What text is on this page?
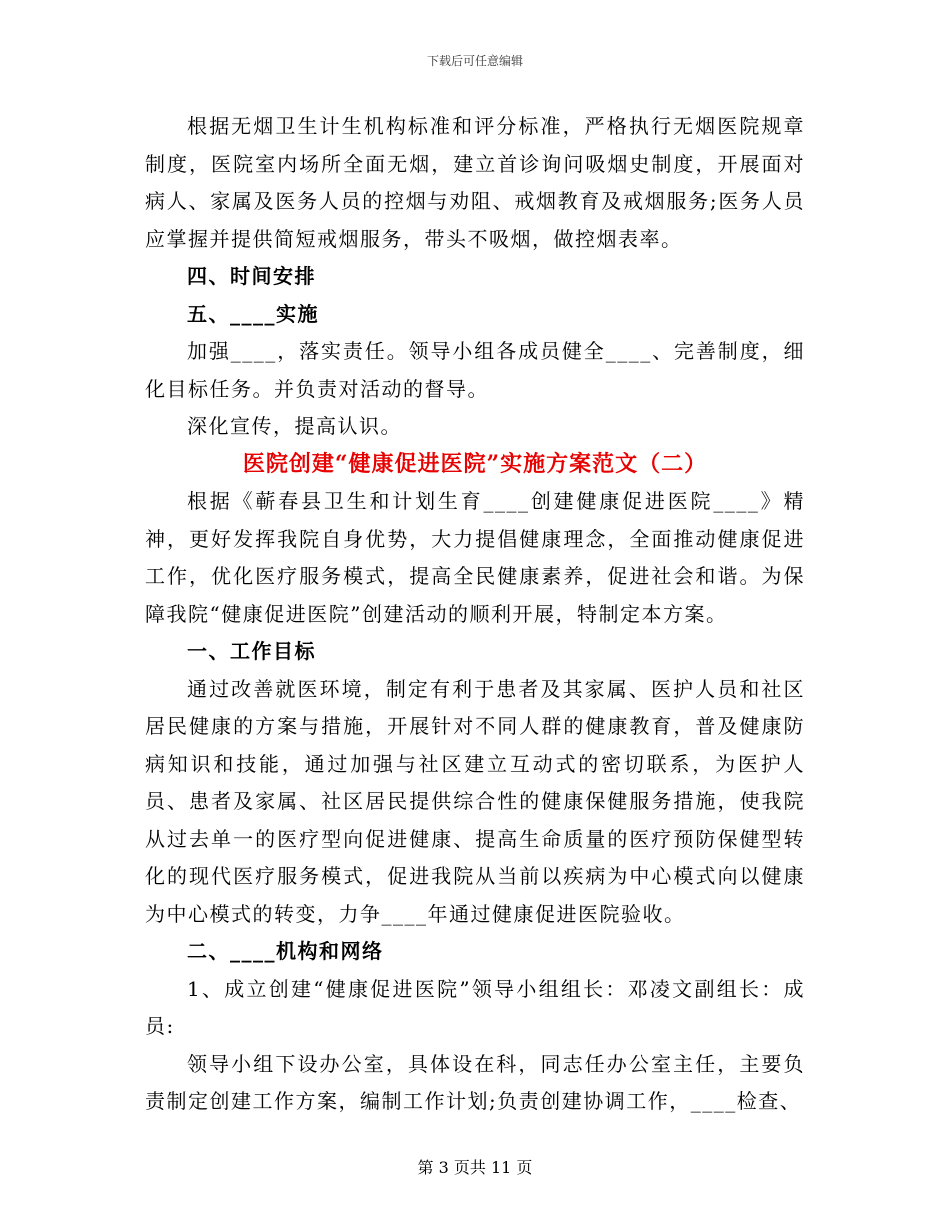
下载后可任意编辑

根据无烟卫生计生机构标准和评分标准，严格执行无烟医院规章制度，医院室内场所全面无烟，建立首诊询问吸烟史制度，开展面对病人、家属及医务人员的控烟与劝阻、戒烟教育及戒烟服务;医务人员应掌握并提供简短戒烟服务，带头不吸烟，做控烟表率。

四、时间安排

五、____实施

加强____，落实责任。领导小组各成员健全____、完善制度，细化目标任务。并负责对活动的督导。

深化宣传，提高认识。

医院创建“健康促进医院”实施方案范文（二）

根据《蕲春县卫生和计划生育____创建健康促进医院____》精神，更好发挥我院自身优势，大力提倡健康理念，全面推动健康促进工作，优化医疗服务模式，提高全民健康素养，促进社会和谐。为保障我院“健康促进医院”创建活动的顺利开展，特制定本方案。

一、工作目标

通过改善就医环境，制定有利于患者及其家属、医护人员和社区居民健康的方案与措施，开展针对不同人群的健康教育，普及健康防病知识和技能，通过加强与社区建立互动式的密切联系，为医护人员、患者及家属、社区居民提供综合性的健康保健服务措施，使我院从过去单一的医疗型向促进健康、提高生命质量的医疗预防保健型转化的现代医疗服务模式，促进我院从当前以疾病为中心模式向以健康为中心模式的转变，力争____年通过健康促进医院验收。

二、____机构和网络

1、成立创建“健康促进医院”领导小组组长：邓凌文副组长：成员:

领导小组下设办公室，具体设在科，同志任办公室主任，主要负责制定创建工作方案，编制工作计划;负责创建协调工作，____检查、

第 3 页共 11 页
